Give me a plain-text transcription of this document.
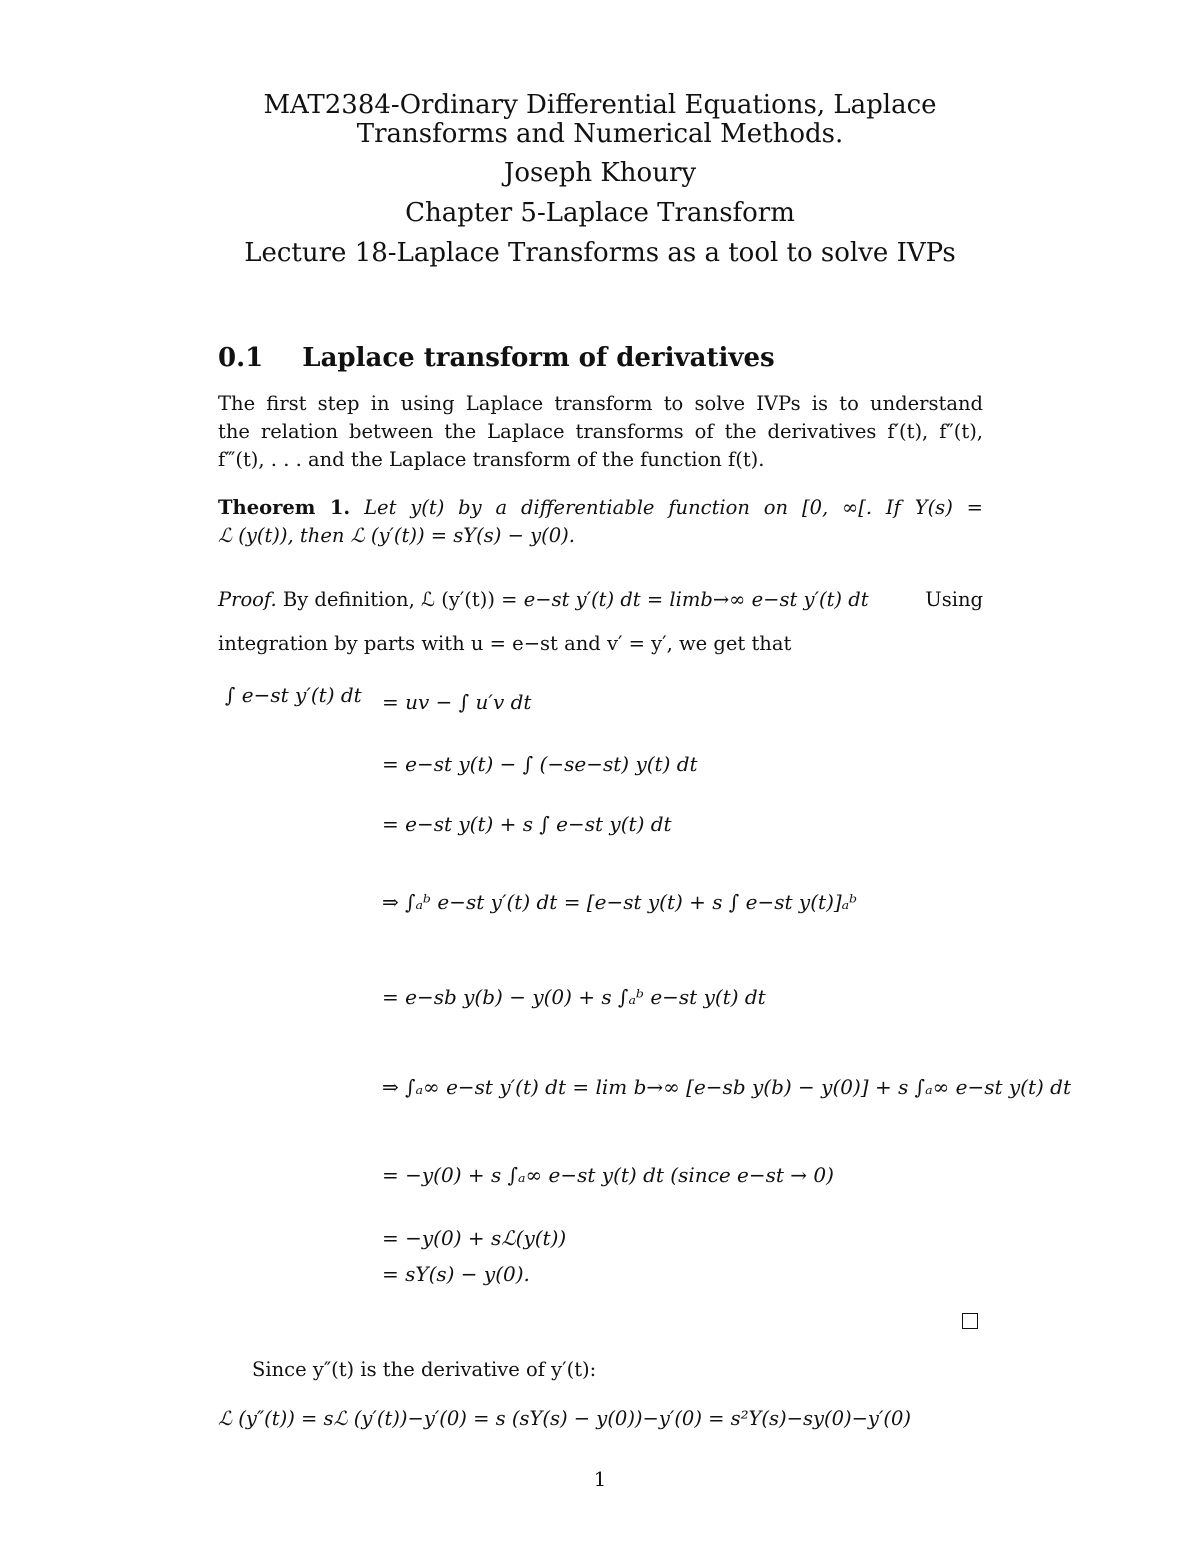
MAT2384-Ordinary Differential Equations, Laplace
Transforms and Numerical Methods.
Joseph Khoury
Chapter 5-Laplace Transform
Lecture 18-Laplace Transforms as a tool to solve IVPs
0.1 Laplace transform of derivatives
The first step in using Laplace transform to solve IVPs is to understand
the relation between the Laplace transforms of the derivatives f′(t), f″(t),
f‴(t), . . . and the Laplace transform of the function f(t).
Theorem 1. Let y(t) by a differentiable function on [0, ∞[. If Y(s) =
ℒ (y(t)), then ℒ (y′(t)) = sY(s) − y(0).
Proof. By definition, ℒ (y′(t)) = e−st y′(t) dt = limb→∞ e−st y′(t) dt	Using
integration by parts with u = e−st and v′ = y′, we get that
∫ e−st y′(t) dt = uv − ∫ u′v dt
= e−st y(t) − ∫ (−se−st) y(t) dt
= e−st y(t) + s ∫ e−st y(t) dt
⇒ ∫ₐᵇ e−st y′(t) dt = [e−st y(t) + s ∫ e−st y(t)]ₐᵇ
= e−sb y(b) − y(0) + s ∫ₐᵇ e−st y(t) dt
⇒ ∫ₐ∞ e−st y′(t) dt = lim b→∞ [e−sb y(b) − y(0)] + s ∫ₐ∞ e−st y(t) dt
= −y(0) + s ∫ₐ∞ e−st y(t) dt (since e−st → 0)
= −y(0) + sℒ(y(t))
= sY(s) − y(0).
Since y″(t) is the derivative of y′(t):
ℒ (y″(t)) = sℒ (y′(t))−y′(0) = s (sY(s) − y(0))−y′(0) = s²Y(s)−sy(0)−y′(0)
1
